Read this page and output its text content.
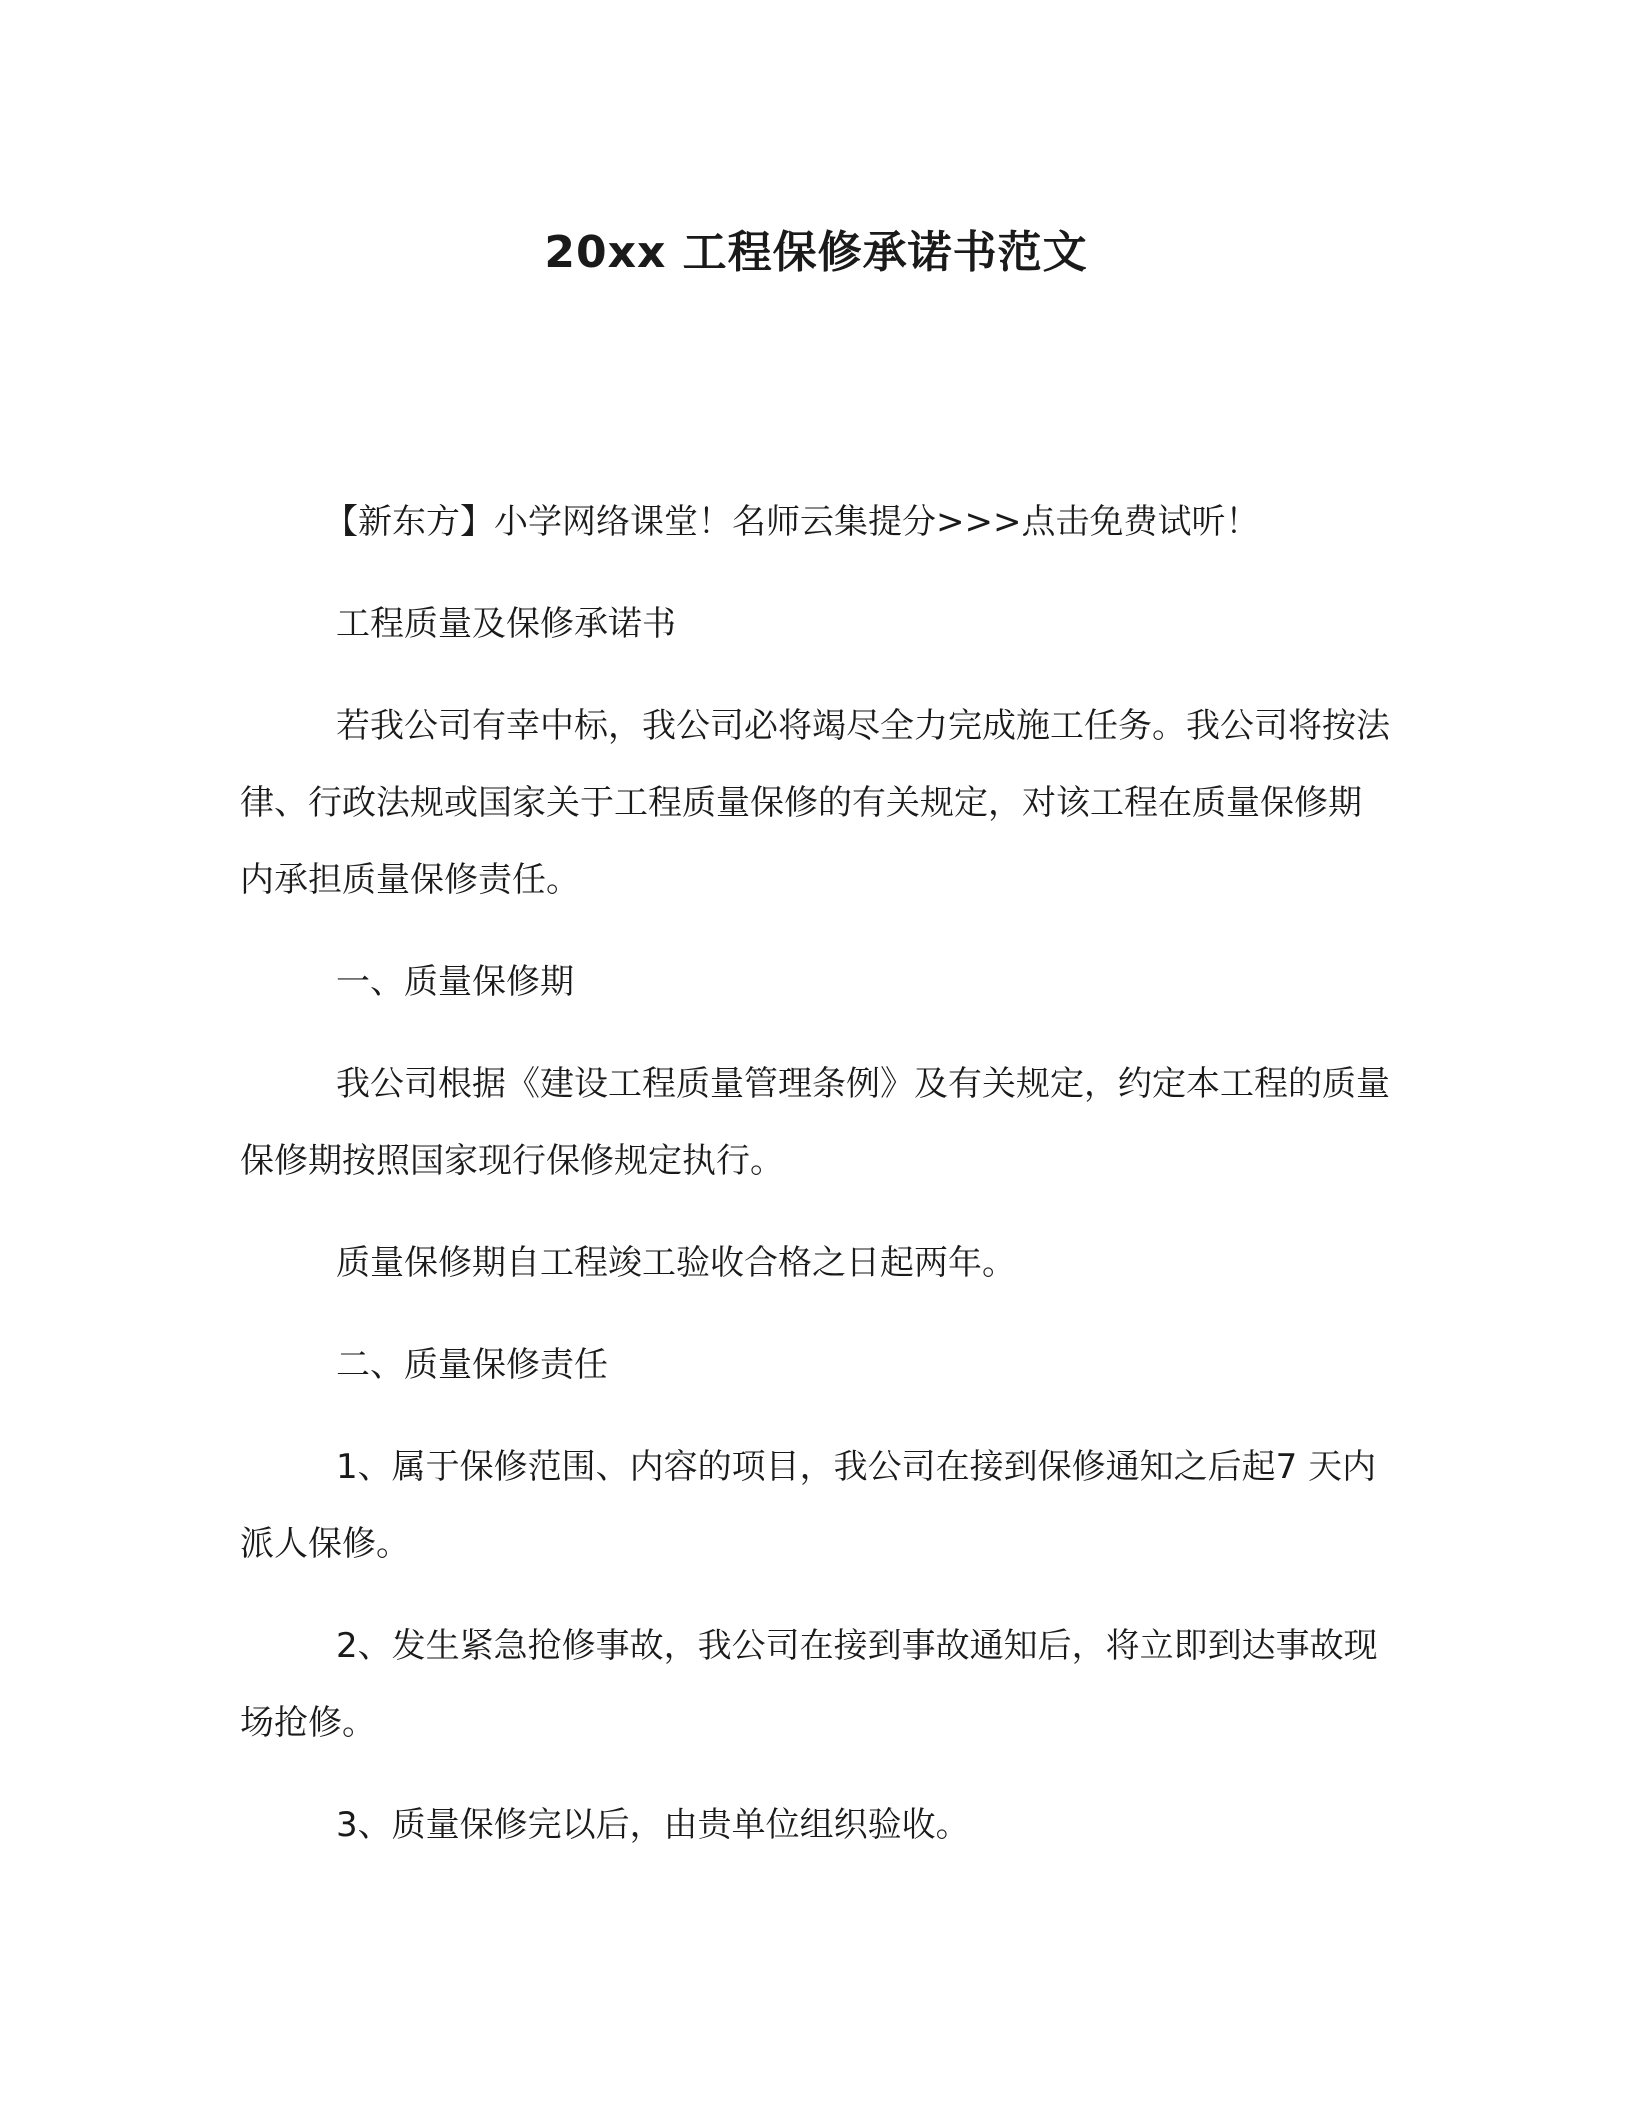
20xx 工程保修承诺书范文

【新东方】小学网络课堂！名师云集提分>>>点击免费试听！

工程质量及保修承诺书

若我公司有幸中标，我公司必将竭尽全力完成施工任务。我公司将按法律、行政法规或国家关于工程质量保修的有关规定，对该工程在质量保修期内承担质量保修责任。

一、质量保修期

我公司根据《建设工程质量管理条例》及有关规定，约定本工程的质量保修期按照国家现行保修规定执行。

质量保修期自工程竣工验收合格之日起两年。

二、质量保修责任

1、属于保修范围、内容的项目，我公司在接到保修通知之后起7 天内派人保修。

2、发生紧急抢修事故，我公司在接到事故通知后，将立即到达事故现场抢修。

3、质量保修完以后，由贵单位组织验收。
